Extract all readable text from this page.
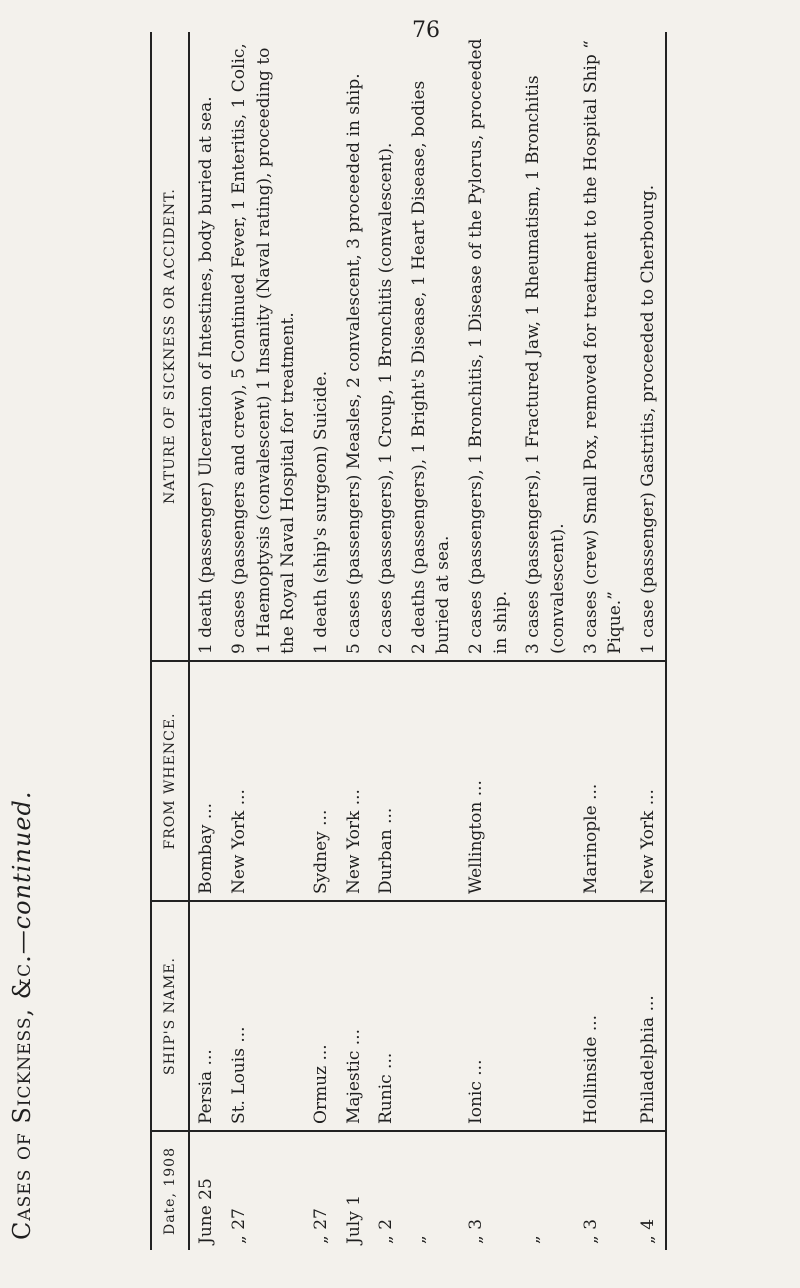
76
Cases of Sickness, &c.—continued.
Date, 1908	SHIP'S NAME.	FROM WHENCE.	NATURE OF SICKNESS OR ACCIDENT.
June 25	Persia ...	Bombay ...	1 death (passenger) Ulceration of Intestines, body buried at sea.
„ 27	St. Louis ...	New York ...	9 cases (passengers and crew), 5 Continued Fever, 1 Enteritis, 1 Colic, 1 Haemoptysis (convalescent) 1 Insanity (Naval rating), proceeding to the Royal Naval Hospital for treatment.
„ 27	Ormuz ...	Sydney ...	1 death (ship's surgeon) Suicide.
July 1	Majestic ...	New York ...	5 cases (passengers) Measles, 2 convalescent, 3 proceeded in ship.
„ 2	Runic ...	Durban ...	2 cases (passengers), 1 Croup, 1 Bronchitis (convalescent).
„			2 deaths (passengers), 1 Bright's Disease, 1 Heart Disease, bodies buried at sea.
„ 3	Ionic ...	Wellington ...	2 cases (passengers), 1 Bronchitis, 1 Disease of the Pylorus, proceeded in ship.
„			3 cases (passengers), 1 Fractured Jaw, 1 Rheumatism, 1 Bronchitis (convalescent).
„ 3	Hollinside ...	Marinople ...	3 cases (crew) Small Pox, removed for treatment to the Hospital Ship “ Pique.”
„ 4	Philadelphia ...	New York ...	1 case (passenger) Gastritis, proceeded to Cherbourg.
